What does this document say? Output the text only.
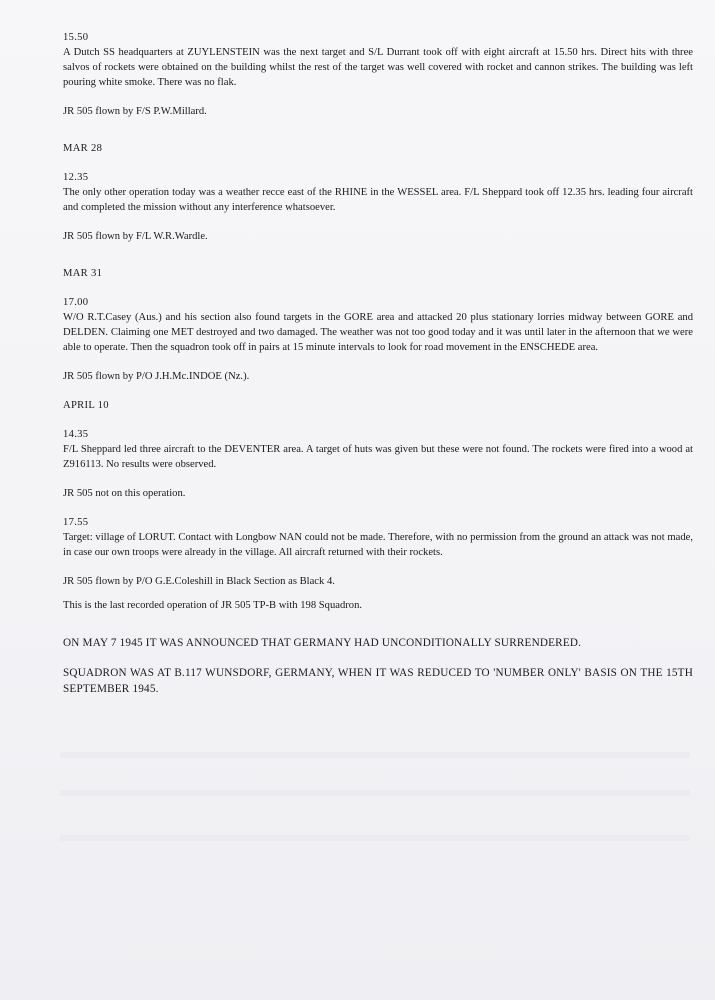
15.50

A Dutch SS headquarters at ZUYLENSTEIN was the next target and S/L Durrant took off with eight aircraft at 15.50 hrs. Direct hits with three salvos of rockets were obtained on the building whilst the rest of the target was well covered with rocket and cannon strikes. The building was left pouring white smoke. There was no flak.

JR 505 flown by F/S P.W.Millard.

MAR 28

12.35

The only other operation today was a weather recce east of the RHINE in the WESSEL area. F/L Sheppard took off 12.35 hrs. leading four aircraft and completed the mission without any interference whatsoever.

JR 505 flown by F/L W.R.Wardle.

MAR 31

17.00

W/O R.T.Casey (Aus.) and his section also found targets in the GORE area and attacked 20 plus stationary lorries midway between GORE and DELDEN. Claiming one MET destroyed and two damaged. The weather was not too good today and it was until later in the afternoon that we were able to operate. Then the squadron took off in pairs at 15 minute intervals to look for road movement in the ENSCHEDE area.

JR 505 flown by P/O J.H.Mc.INDOE (Nz.).

APRIL 10

14.35

F/L Sheppard led three aircraft to the DEVENTER area. A target of huts was given but these were not found. The rockets were fired into a wood at Z916113. No results were observed.

JR 505 not on this operation.

17.55

Target: village of LORUT. Contact with Longbow NAN could not be made. Therefore, with no permission from the ground an attack was not made, in case our own troops were already in the village. All aircraft returned with their rockets.

JR 505 flown by P/O G.E.Coleshill in Black Section as Black 4.

This is the last recorded operation of JR 505 TP-B with 198 Squadron.

ON MAY 7 1945 IT WAS ANNOUNCED THAT GERMANY HAD UNCONDITIONALLY SURRENDERED.

SQUADRON WAS AT B.117 WUNSDORF, GERMANY, WHEN IT WAS REDUCED TO 'NUMBER ONLY' BASIS ON THE 15TH SEPTEMBER 1945.
